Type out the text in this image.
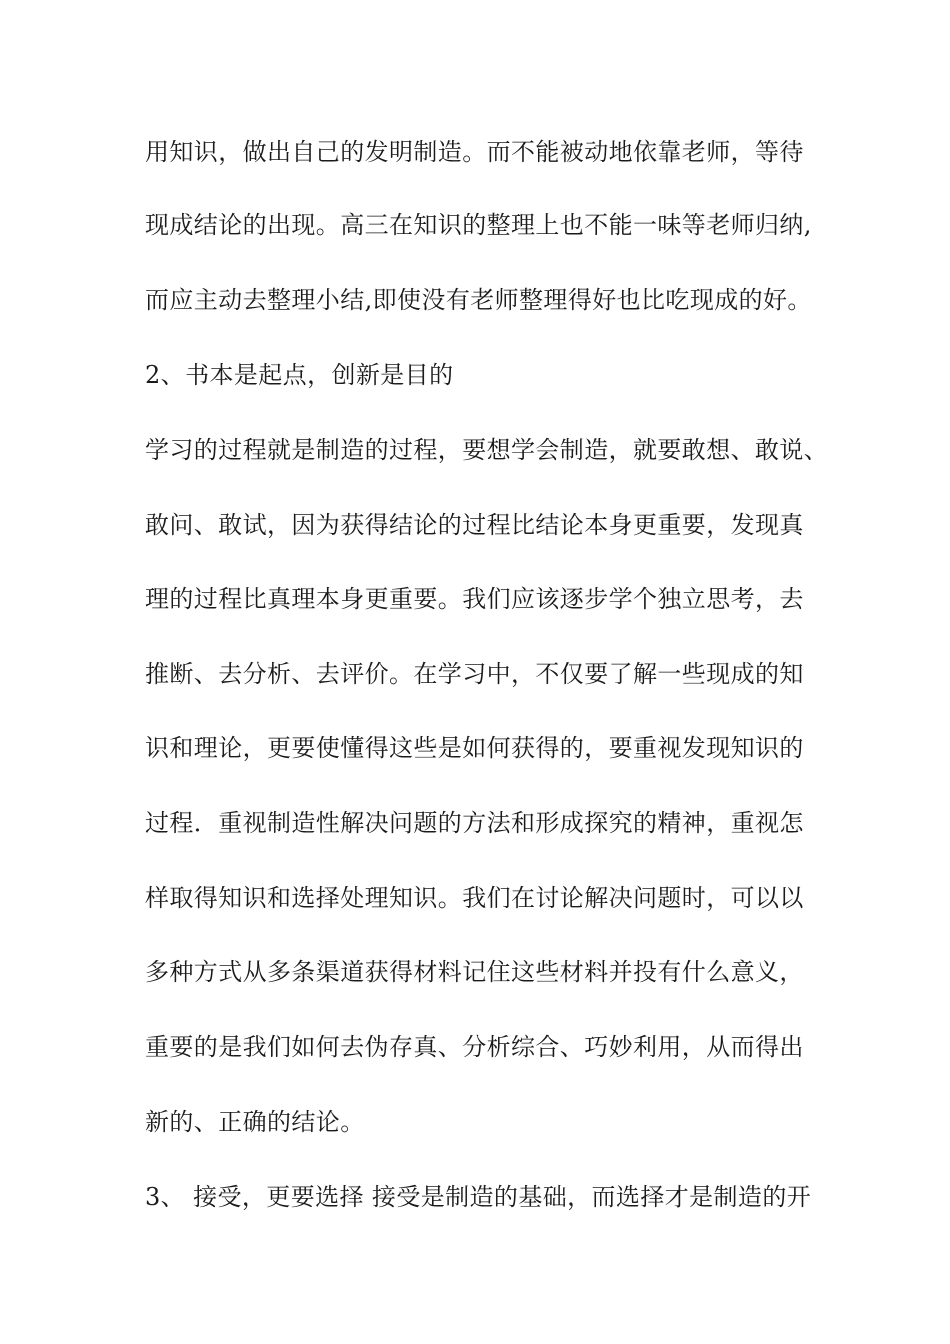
用知识，做出自己的发明制造。而不能被动地依靠老师，等待

现成结论的出现。高三在知识的整理上也不能一味等老师归纳,

而应主动去整理小结,即使没有老师整理得好也比吃现成的好。

2、书本是起点，创新是目的

学习的过程就是制造的过程，要想学会制造，就要敢想、敢说、

敢问、敢试，因为获得结论的过程比结论本身更重要，发现真

理的过程比真理本身更重要。我们应该逐步学个独立思考，去

推断、去分析、去评价。在学习中，不仅要了解一些现成的知

识和理论，更要使懂得这些是如何获得的，要重视发现知识的

过程．重视制造性解决问题的方法和形成探究的精神，重视怎

样取得知识和选择处理知识。我们在讨论解决问题时，可以以

多种方式从多条渠道获得材料记住这些材料并投有什么意义，

重要的是我们如何去伪存真、分析综合、巧妙利用，从而得出

新的、正确的结论。

3、 接受，更要选择 接受是制造的基础，而选择才是制造的开
